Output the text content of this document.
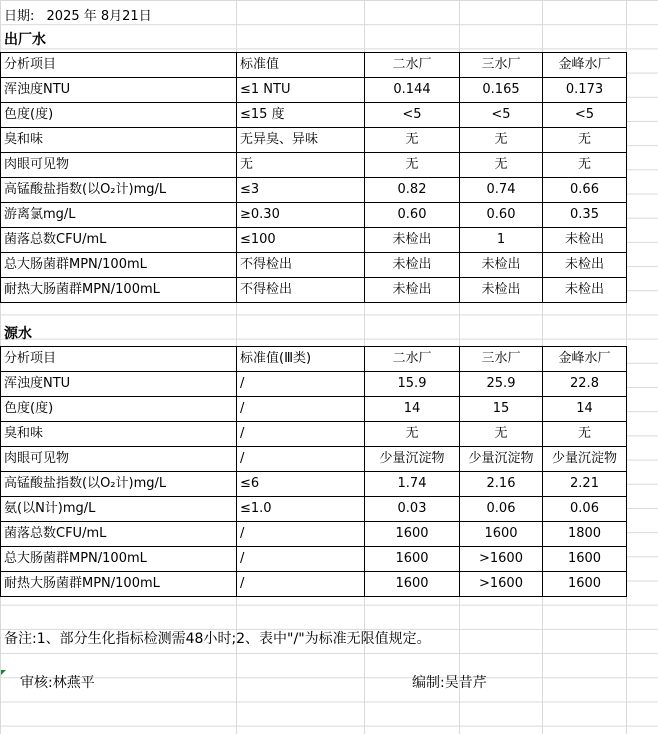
日期: 2025 年 8月21日
出厂水
分析项目	标准值	二水厂	三水厂	金峰水厂
浑浊度NTU	≤1 NTU	0.144	0.165	0.173
色度(度)	≤15 度	<5	<5	<5
臭和味	无异臭、异味	无	无	无
肉眼可见物	无	无	无	无
高锰酸盐指数(以O₂计)mg/L	≤3	0.82	0.74	0.66
游离氯mg/L	≥0.30	0.60	0.60	0.35
菌落总数CFU/mL	≤100	未检出	1	未检出
总大肠菌群MPN/100mL	不得检出	未检出	未检出	未检出
耐热大肠菌群MPN/100mL	不得检出	未检出	未检出	未检出
源水
分析项目	标准值(Ⅲ类)	二水厂	三水厂	金峰水厂
浑浊度NTU	/	15.9	25.9	22.8
色度(度)	/	14	15	14
臭和味	/	无	无	无
肉眼可见物	/	少量沉淀物	少量沉淀物	少量沉淀物
高锰酸盐指数(以O₂计)mg/L	≤6	1.74	2.16	2.21
氨(以N计)mg/L	≤1.0	0.03	0.06	0.06
菌落总数CFU/mL	/	1600	1600	1800
总大肠菌群MPN/100mL	/	1600	>1600	1600
耐热大肠菌群MPN/100mL	/	1600	>1600	1600
备注:1、部分生化指标检测需48小时;2、表中"/"为标准无限值规定。
审核:林燕平	编制:吴昔芹
